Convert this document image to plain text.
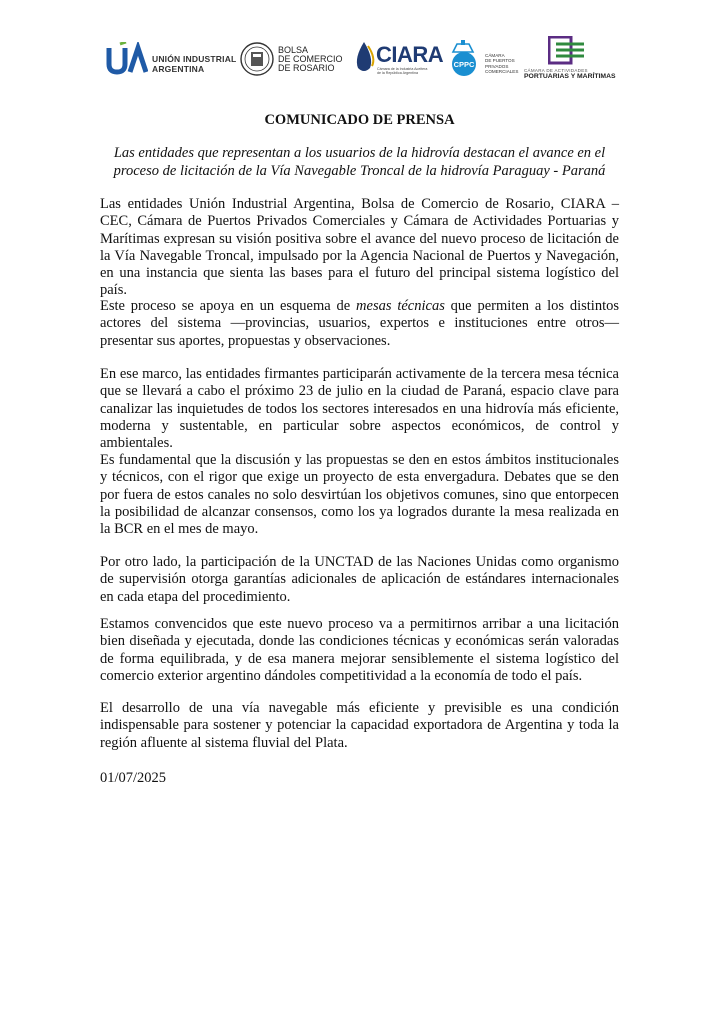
UNIÓN INDUSTRIAL
ARGENTINA
BOLSA
DE COMERCIO
DE ROSARIO
CIARA
Cámara de la Industria Aceitera
de la República Argentina
CPPC
CÁMARA
DE PUERTOS
PRIVADOS
COMERCIALES CÁMARA DE ACTIVIDADES
PORTUARIAS Y MARÍTIMAS
COMUNICADO DE PRENSA
Las entidades que representan a los usuarios de la hidrovía destacan el avance en el
proceso de licitación de la Vía Navegable Troncal de la hidrovía Paraguay - Paraná

Las entidades Unión Industrial Argentina, Bolsa de Comercio de Rosario, CIARA – CEC, Cámara de Puertos Privados Comerciales y Cámara de Actividades Portuarias y Marítimas expresan su visión positiva sobre el avance del nuevo proceso de licitación de la Vía Navegable Troncal, impulsado por la Agencia Nacional de Puertos y Navegación, en una instancia que sienta las bases para el futuro del principal sistema logístico del país.

Este proceso se apoya en un esquema de mesas técnicas que permiten a los distintos actores del sistema —provincias, usuarios, expertos e instituciones entre otros— presentar sus aportes, propuestas y observaciones.

En ese marco, las entidades firmantes participarán activamente de la tercera mesa técnica que se llevará a cabo el próximo 23 de julio en la ciudad de Paraná, espacio clave para canalizar las inquietudes de todos los sectores interesados en una hidrovía más eficiente, moderna y sustentable, en particular sobre aspectos económicos, de control y ambientales.

Es fundamental que la discusión y las propuestas se den en estos ámbitos institucionales y técnicos, con el rigor que exige un proyecto de esta envergadura. Debates que se den por fuera de estos canales no solo desvirtúan los objetivos comunes, sino que entorpecen la posibilidad de alcanzar consensos, como los ya logrados durante la mesa realizada en la BCR en el mes de mayo.

Por otro lado, la participación de la UNCTAD de las Naciones Unidas como organismo de supervisión otorga garantías adicionales de aplicación de estándares internacionales en cada etapa del procedimiento.

Estamos convencidos que este nuevo proceso va a permitirnos arribar a una licitación bien diseñada y ejecutada, donde las condiciones técnicas y económicas serán valoradas de forma equilibrada, y de esa manera mejorar sensiblemente el sistema logístico del comercio exterior argentino dándoles competitividad a la economía de todo el país.

El desarrollo de una vía navegable más eficiente y previsible es una condición indispensable para sostener y potenciar la capacidad exportadora de Argentina y toda la región afluente al sistema fluvial del Plata.

01/07/2025
